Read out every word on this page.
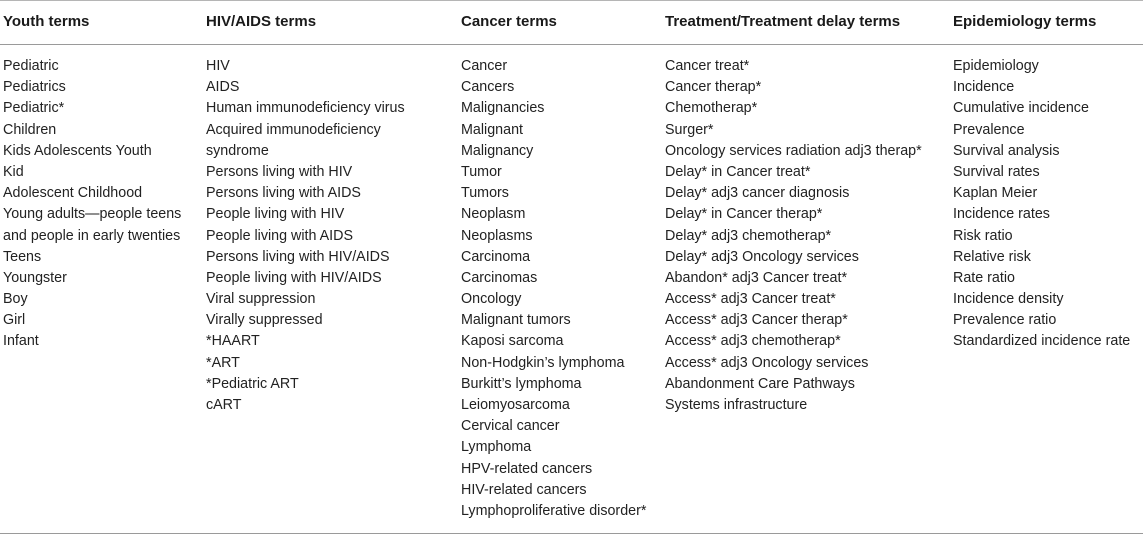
Youth terms
Pediatric
Pediatrics
Pediatric*
Children
Kids Adolescents Youth
Kid
Adolescent Childhood
Young adults—people teens
and people in early twenties
Teens
Youngster
Boy
Girl
Infant
HIV/AIDS terms
HIV
AIDS
Human immunodeficiency virus
Acquired immunodeficiency
syndrome
Persons living with HIV
Persons living with AIDS
People living with HIV
People living with AIDS
Persons living with HIV/AIDS
People living with HIV/AIDS
Viral suppression
Virally suppressed
*HAART
*ART
*Pediatric ART
cART
Cancer terms
Cancer
Cancers
Malignancies
Malignant
Malignancy
Tumor
Tumors
Neoplasm
Neoplasms
Carcinoma
Carcinomas
Oncology
Malignant tumors
Kaposi sarcoma
Non-Hodgkin’s lymphoma
Burkitt’s lymphoma
Leiomyosarcoma
Cervical cancer
Lymphoma
HPV-related cancers
HIV-related cancers
Lymphoproliferative disorder*
Treatment/Treatment delay terms
Cancer treat*
Cancer therap*
Chemotherap*
Surger*
Oncology services radiation adj3 therap*
Delay* in Cancer treat*
Delay* adj3 cancer diagnosis
Delay* in Cancer therap*
Delay* adj3 chemotherap*
Delay* adj3 Oncology services
Abandon* adj3 Cancer treat*
Access* adj3 Cancer treat*
Access* adj3 Cancer therap*
Access* adj3 chemotherap*
Access* adj3 Oncology services
Abandonment Care Pathways
Systems infrastructure
Epidemiology terms
Epidemiology
Incidence
Cumulative incidence
Prevalence
Survival analysis
Survival rates
Kaplan Meier
Incidence rates
Risk ratio
Relative risk
Rate ratio
Incidence density
Prevalence ratio
Standardized incidence rate
